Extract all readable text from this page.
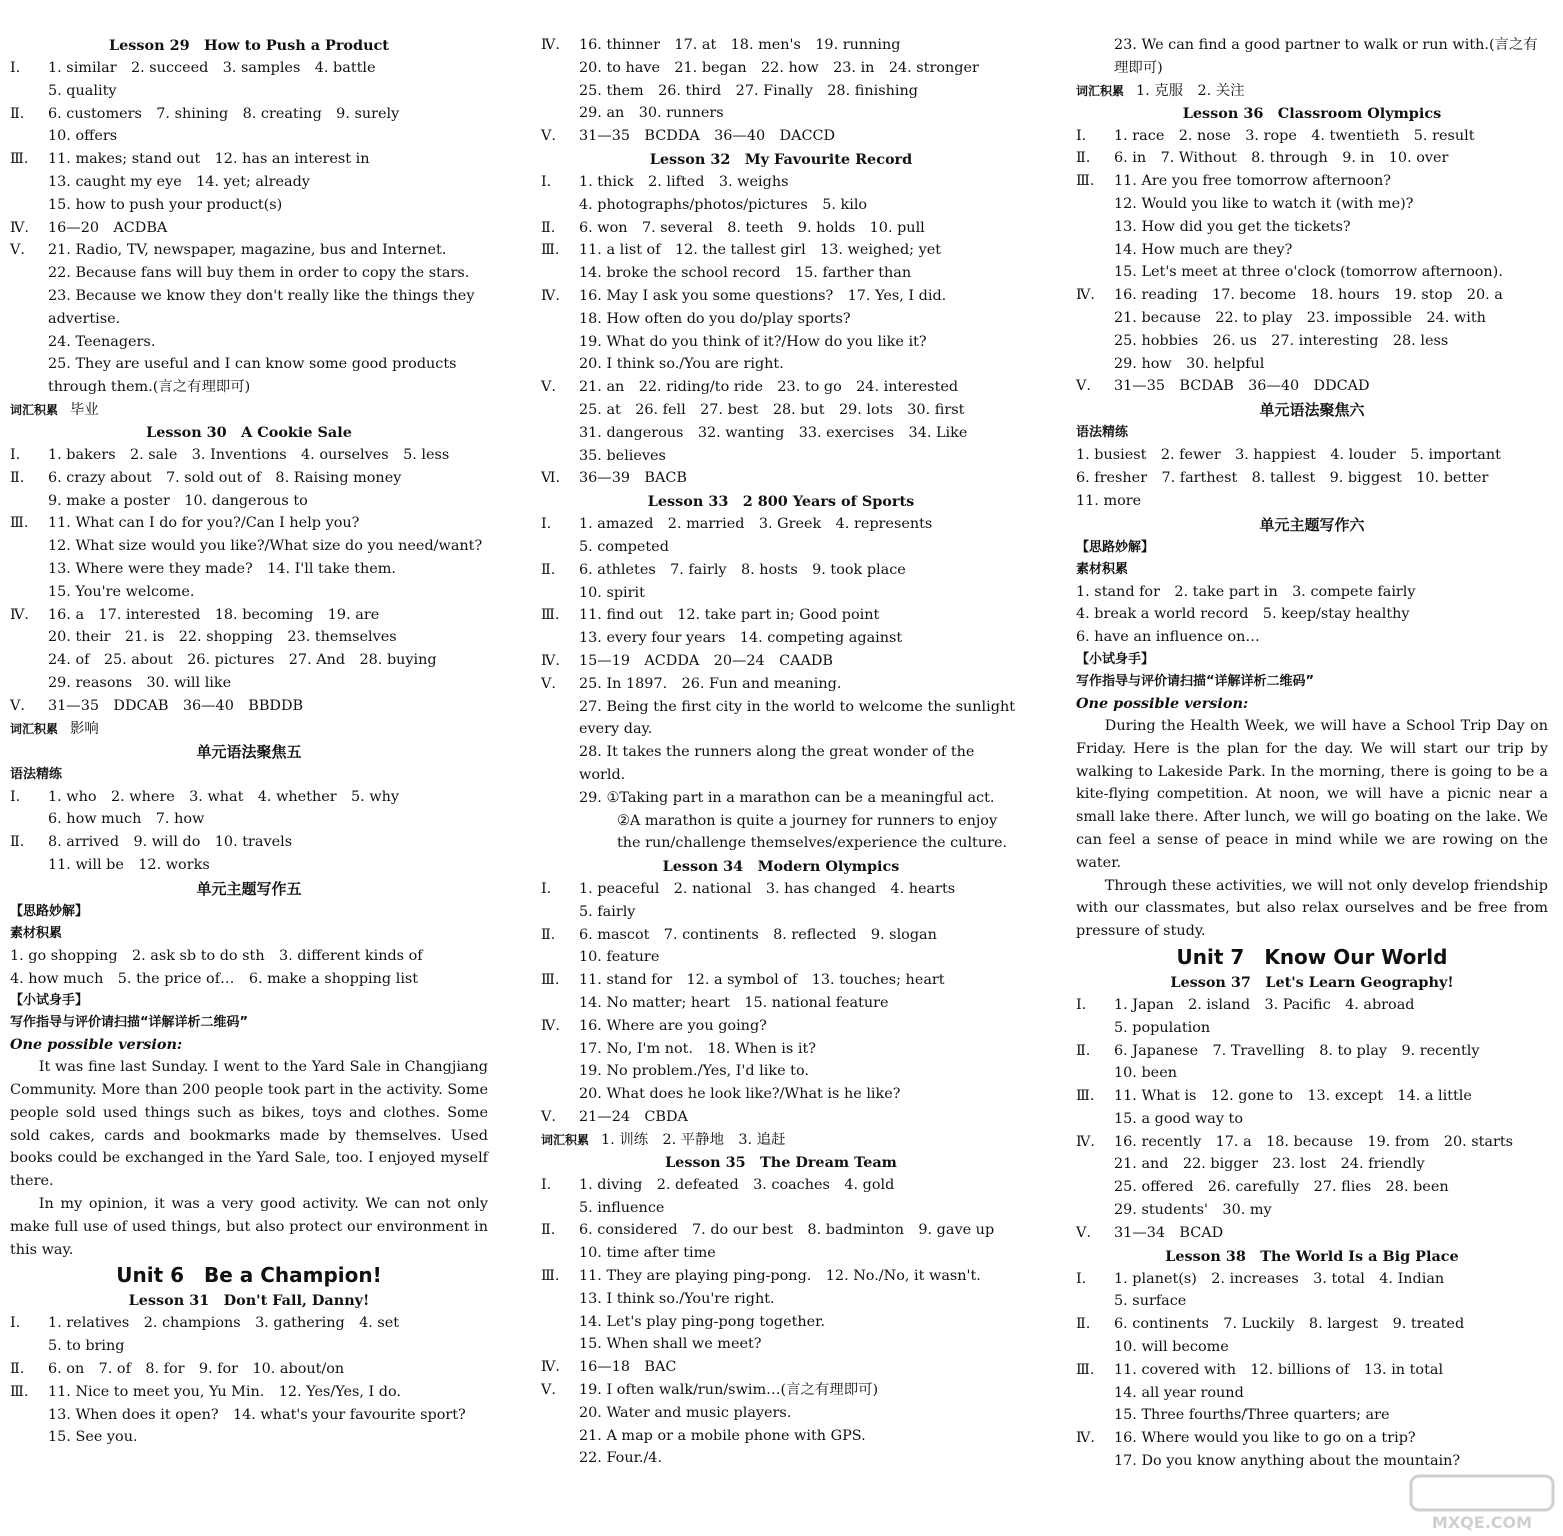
Lesson 29　How to Push a Product
Ⅰ.	1. similar　2. succeed　3. samples　4. battle
5. quality
Ⅱ.	6. customers　7. shining　8. creating　9. surely
10. offers
Ⅲ.	11. makes; stand out　12. has an interest in
13. caught my eye　14. yet; already
15. how to push your product(s)
Ⅳ.	16—20　ACDBA
Ⅴ.	21. Radio, TV, newspaper, magazine, bus and Internet.
22. Because fans will buy them in order to copy the stars.
23. Because we know they don't really like the things they advertise.
24. Teenagers.
25. They are useful and I can know some good products through them.(言之有理即可)
词汇积累 毕业
Lesson 30　A Cookie Sale
Ⅰ.	1. bakers　2. sale　3. Inventions　4. ourselves　5. less
Ⅱ.	6. crazy about　7. sold out of　8. Raising money
9. make a poster　10. dangerous to
Ⅲ.	11. What can I do for you?/Can I help you?
12. What size would you like?/What size do you need/want?
13. Where were they made?　14. I'll take them.
15. You're welcome.
Ⅳ.	16. a　17. interested　18. becoming　19. are
20. their　21. is　22. shopping　23. themselves
24. of　25. about　26. pictures　27. And　28. buying
29. reasons　30. will like
Ⅴ.	31—35　DDCAB　36—40　BBDDB
词汇积累 影响
单元语法聚焦五
语法精练
Ⅰ.	1. who　2. where　3. what　4. whether　5. why
6. how much　7. how
Ⅱ.	8. arrived　9. will do　10. travels
11. will be　12. works
单元主题写作五
【思路妙解】
素材积累
1. go shopping　2. ask sb to do sth　3. different kinds of
4. how much　5. the price of…　6. make a shopping list
【小试身手】
写作指导与评价请扫描“详解详析二维码”
One possible version:
It was fine last Sunday. I went to the Yard Sale in Changjiang Community. More than 200 people took part in the activity. Some people sold used things such as bikes, toys and clothes. Some sold cakes, cards and bookmarks made by themselves. Used books could be exchanged in the Yard Sale, too. I enjoyed myself there.
In my opinion, it was a very good activity. We can not only make full use of used things, but also protect our environment in this way.
Unit 6　Be a Champion!
Lesson 31　Don't Fall, Danny!
Ⅰ.	1. relatives　2. champions　3. gathering　4. set
5. to bring
Ⅱ.	6. on　7. of　8. for　9. for　10. about/on
Ⅲ.	11. Nice to meet you, Yu Min.　12. Yes/Yes, I do.
13. When does it open?　14. what's your favourite sport?
15. See you.
Ⅳ.	16. thinner　17. at　18. men's　19. running
20. to have　21. began　22. how　23. in　24. stronger
25. them　26. third　27. Finally　28. finishing
29. an　30. runners
Ⅴ.	31—35　BCDDA　36—40　DACCD
Lesson 32　My Favourite Record
Ⅰ.	1. thick　2. lifted　3. weighs
4. photographs/photos/pictures　5. kilo
Ⅱ.	6. won　7. several　8. teeth　9. holds　10. pull
Ⅲ.	11. a list of　12. the tallest girl　13. weighed; yet
14. broke the school record　15. farther than
Ⅳ.	16. May I ask you some questions?　17. Yes, I did.
18. How often do you do/play sports?
19. What do you think of it?/How do you like it?
20. I think so./You are right.
Ⅴ.	21. an　22. riding/to ride　23. to go　24. interested
25. at　26. fell　27. best　28. but　29. lots　30. first
31. dangerous　32. wanting　33. exercises　34. Like
35. believes
Ⅵ.	36—39　BACB
Lesson 33　2 800 Years of Sports
Ⅰ.	1. amazed　2. married　3. Greek　4. represents
5. competed
Ⅱ.	6. athletes　7. fairly　8. hosts　9. took place
10. spirit
Ⅲ.	11. find out　12. take part in; Good point
13. every four years　14. competing against
Ⅳ.	15—19　ACDDA　20—24　CAADB
Ⅴ.	25. In 1897.　26. Fun and meaning.
27. Being the first city in the world to welcome the sunlight every day.
28. It takes the runners along the great wonder of the world.
29. ①Taking part in a marathon can be a meaningful act.
②A marathon is quite a journey for runners to enjoy the run/challenge themselves/experience the culture.
Lesson 34　Modern Olympics
Ⅰ.	1. peaceful　2. national　3. has changed　4. hearts
5. fairly
Ⅱ.	6. mascot　7. continents　8. reflected　9. slogan
10. feature
Ⅲ.	11. stand for　12. a symbol of　13. touches; heart
14. No matter; heart　15. national feature
Ⅳ.	16. Where are you going?
17. No, I'm not.　18. When is it?
19. No problem./Yes, I'd like to.
20. What does he look like?/What is he like?
Ⅴ.	21—24　CBDA
词汇积累 1. 训练　2. 平静地　3. 追赶
Lesson 35　The Dream Team
Ⅰ.	1. diving　2. defeated　3. coaches　4. gold
5. influence
Ⅱ.	6. considered　7. do our best　8. badminton　9. gave up
10. time after time
Ⅲ.	11. They are playing ping-pong.　12. No./No, it wasn't.
13. I think so./You're right.
14. Let's play ping-pong together.
15. When shall we meet?
Ⅳ.	16—18　BAC
Ⅴ.	19. I often walk/run/swim…(言之有理即可)
20. Water and music players.
21. A map or a mobile phone with GPS.
22. Four./4.
23. We can find a good partner to walk or run with.(言之有理即可)
词汇积累 1. 克服　2. 关注
Lesson 36　Classroom Olympics
Ⅰ.	1. race　2. nose　3. rope　4. twentieth　5. result
Ⅱ.	6. in　7. Without　8. through　9. in　10. over
Ⅲ.	11. Are you free tomorrow afternoon?
12. Would you like to watch it (with me)?
13. How did you get the tickets?
14. How much are they?
15. Let's meet at three o'clock (tomorrow afternoon).
Ⅳ.	16. reading　17. become　18. hours　19. stop　20. a
21. because　22. to play　23. impossible　24. with
25. hobbies　26. us　27. interesting　28. less
29. how　30. helpful
Ⅴ.	31—35　BCDAB　36—40　DDCAD
单元语法聚焦六
语法精练
1. busiest　2. fewer　3. happiest　4. louder　5. important
6. fresher　7. farthest　8. tallest　9. biggest　10. better
11. more
单元主题写作六
【思路妙解】
素材积累
1. stand for　2. take part in　3. compete fairly
4. break a world record　5. keep/stay healthy
6. have an influence on…
【小试身手】
写作指导与评价请扫描“详解详析二维码”
One possible version:
During the Health Week, we will have a School Trip Day on Friday. Here is the plan for the day. We will start our trip by walking to Lakeside Park. In the morning, there is going to be a kite-flying competition. At noon, we will have a picnic near a small lake there. After lunch, we will go boating on the lake. We can feel a sense of peace in mind while we are rowing on the water.
Through these activities, we will not only develop friendship with our classmates, but also relax ourselves and be free from pressure of study.
Unit 7　Know Our World
Lesson 37　Let's Learn Geography!
Ⅰ.	1. Japan　2. island　3. Pacific　4. abroad
5. population
Ⅱ.	6. Japanese　7. Travelling　8. to play　9. recently
10. been
Ⅲ.	11. What is　12. gone to　13. except　14. a little
15. a good way to
Ⅳ.	16. recently　17. a　18. because　19. from　20. starts
21. and　22. bigger　23. lost　24. friendly
25. offered　26. carefully　27. flies　28. been
29. students'　30. my
Ⅴ.	31—34　BCAD
Lesson 38　The World Is a Big Place
Ⅰ.	1. planet(s)　2. increases　3. total　4. Indian
5. surface
Ⅱ.	6. continents　7. Luckily　8. largest　9. treated
10. will become
Ⅲ.	11. covered with　12. billions of　13. in total
14. all year round
15. Three fourths/Three quarters; are
Ⅳ.	16. Where would you like to go on a trip?
17. Do you know anything about the mountain?
MXQE.COM
